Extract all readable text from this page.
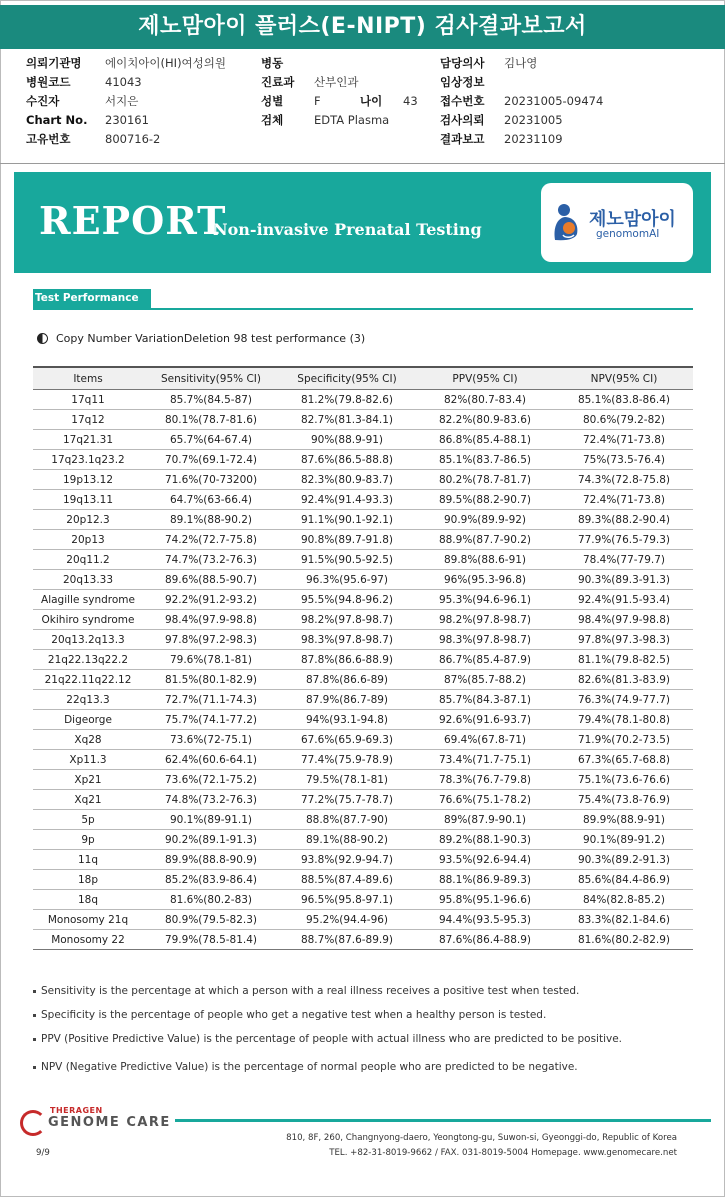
제노맘아이 플러스(E-NIPT) 검사결과보고서
의뢰기관명	에이치아이(HI)여성의원
병원코드	41043
수진자	서지은
Chart No.	230161
고유번호	800716-2
병동
진료과	산부인과
성별	F
검체	EDTA Plasma
나이	43
담당의사	김나영
임상정보
접수번호	20231005-09474
검사의뢰	20231005
결과보고	20231109
REPORT
Non-invasive Prenatal Testing	제노맘아이
genomomAI
Test Performance
Copy Number VariationDeletion 98 test performance (3)
Items	Sensitivity(95% CI)	Specificity(95% CI)	PPV(95% CI)	NPV(95% CI)
17q11	85.7%(84.5-87)	81.2%(79.8-82.6)	82%(80.7-83.4)	85.1%(83.8-86.4)
17q12	80.1%(78.7-81.6)	82.7%(81.3-84.1)	82.2%(80.9-83.6)	80.6%(79.2-82)
17q21.31	65.7%(64-67.4)	90%(88.9-91)	86.8%(85.4-88.1)	72.4%(71-73.8)
17q23.1q23.2	70.7%(69.1-72.4)	87.6%(86.5-88.8)	85.1%(83.7-86.5)	75%(73.5-76.4)
19p13.12	71.6%(70-73200)	82.3%(80.9-83.7)	80.2%(78.7-81.7)	74.3%(72.8-75.8)
19q13.11	64.7%(63-66.4)	92.4%(91.4-93.3)	89.5%(88.2-90.7)	72.4%(71-73.8)
20p12.3	89.1%(88-90.2)	91.1%(90.1-92.1)	90.9%(89.9-92)	89.3%(88.2-90.4)
20p13	74.2%(72.7-75.8)	90.8%(89.7-91.8)	88.9%(87.7-90.2)	77.9%(76.5-79.3)
20q11.2	74.7%(73.2-76.3)	91.5%(90.5-92.5)	89.8%(88.6-91)	78.4%(77-79.7)
20q13.33	89.6%(88.5-90.7)	96.3%(95.6-97)	96%(95.3-96.8)	90.3%(89.3-91.3)
Alagille syndrome	92.2%(91.2-93.2)	95.5%(94.8-96.2)	95.3%(94.6-96.1)	92.4%(91.5-93.4)
Okihiro syndrome	98.4%(97.9-98.8)	98.2%(97.8-98.7)	98.2%(97.8-98.7)	98.4%(97.9-98.8)
20q13.2q13.3	97.8%(97.2-98.3)	98.3%(97.8-98.7)	98.3%(97.8-98.7)	97.8%(97.3-98.3)
21q22.13q22.2	79.6%(78.1-81)	87.8%(86.6-88.9)	86.7%(85.4-87.9)	81.1%(79.8-82.5)
21q22.11q22.12	81.5%(80.1-82.9)	87.8%(86.6-89)	87%(85.7-88.2)	82.6%(81.3-83.9)
22q13.3	72.7%(71.1-74.3)	87.9%(86.7-89)	85.7%(84.3-87.1)	76.3%(74.9-77.7)
Digeorge	75.7%(74.1-77.2)	94%(93.1-94.8)	92.6%(91.6-93.7)	79.4%(78.1-80.8)
Xq28	73.6%(72-75.1)	67.6%(65.9-69.3)	69.4%(67.8-71)	71.9%(70.2-73.5)
Xp11.3	62.4%(60.6-64.1)	77.4%(75.9-78.9)	73.4%(71.7-75.1)	67.3%(65.7-68.8)
Xp21	73.6%(72.1-75.2)	79.5%(78.1-81)	78.3%(76.7-79.8)	75.1%(73.6-76.6)
Xq21	74.8%(73.2-76.3)	77.2%(75.7-78.7)	76.6%(75.1-78.2)	75.4%(73.8-76.9)
5p	90.1%(89-91.1)	88.8%(87.7-90)	89%(87.9-90.1)	89.9%(88.9-91)
9p	90.2%(89.1-91.3)	89.1%(88-90.2)	89.2%(88.1-90.3)	90.1%(89-91.2)
11q	89.9%(88.8-90.9)	93.8%(92.9-94.7)	93.5%(92.6-94.4)	90.3%(89.2-91.3)
18p	85.2%(83.9-86.4)	88.5%(87.4-89.6)	88.1%(86.9-89.3)	85.6%(84.4-86.9)
18q	81.6%(80.2-83)	96.5%(95.8-97.1)	95.8%(95.1-96.6)	84%(82.8-85.2)
Monosomy 21q	80.9%(79.5-82.3)	95.2%(94.4-96)	94.4%(93.5-95.3)	83.3%(82.1-84.6)
Monosomy 22	79.9%(78.5-81.4)	88.7%(87.6-89.9)	87.6%(86.4-88.9)	81.6%(80.2-82.9)
Sensitivity is the percentage at which a person with a real illness receives a positive test when tested.
Specificity is the percentage of people who get a negative test when a healthy person is tested.
PPV (Positive Predictive Value) is the percentage of people with actual illness who are predicted to be positive.
NPV (Negative Predictive Value) is the percentage of normal people who are predicted to be negative.
THERAGEN
GENOME CARE
810, 8F, 260, Changnyong-daero, Yeongtong-gu, Suwon-si, Gyeonggi-do, Republic of Korea
TEL. +82-31-8019-9662 / FAX. 031-8019-5004 Homepage. www.genomecare.net
9/9
